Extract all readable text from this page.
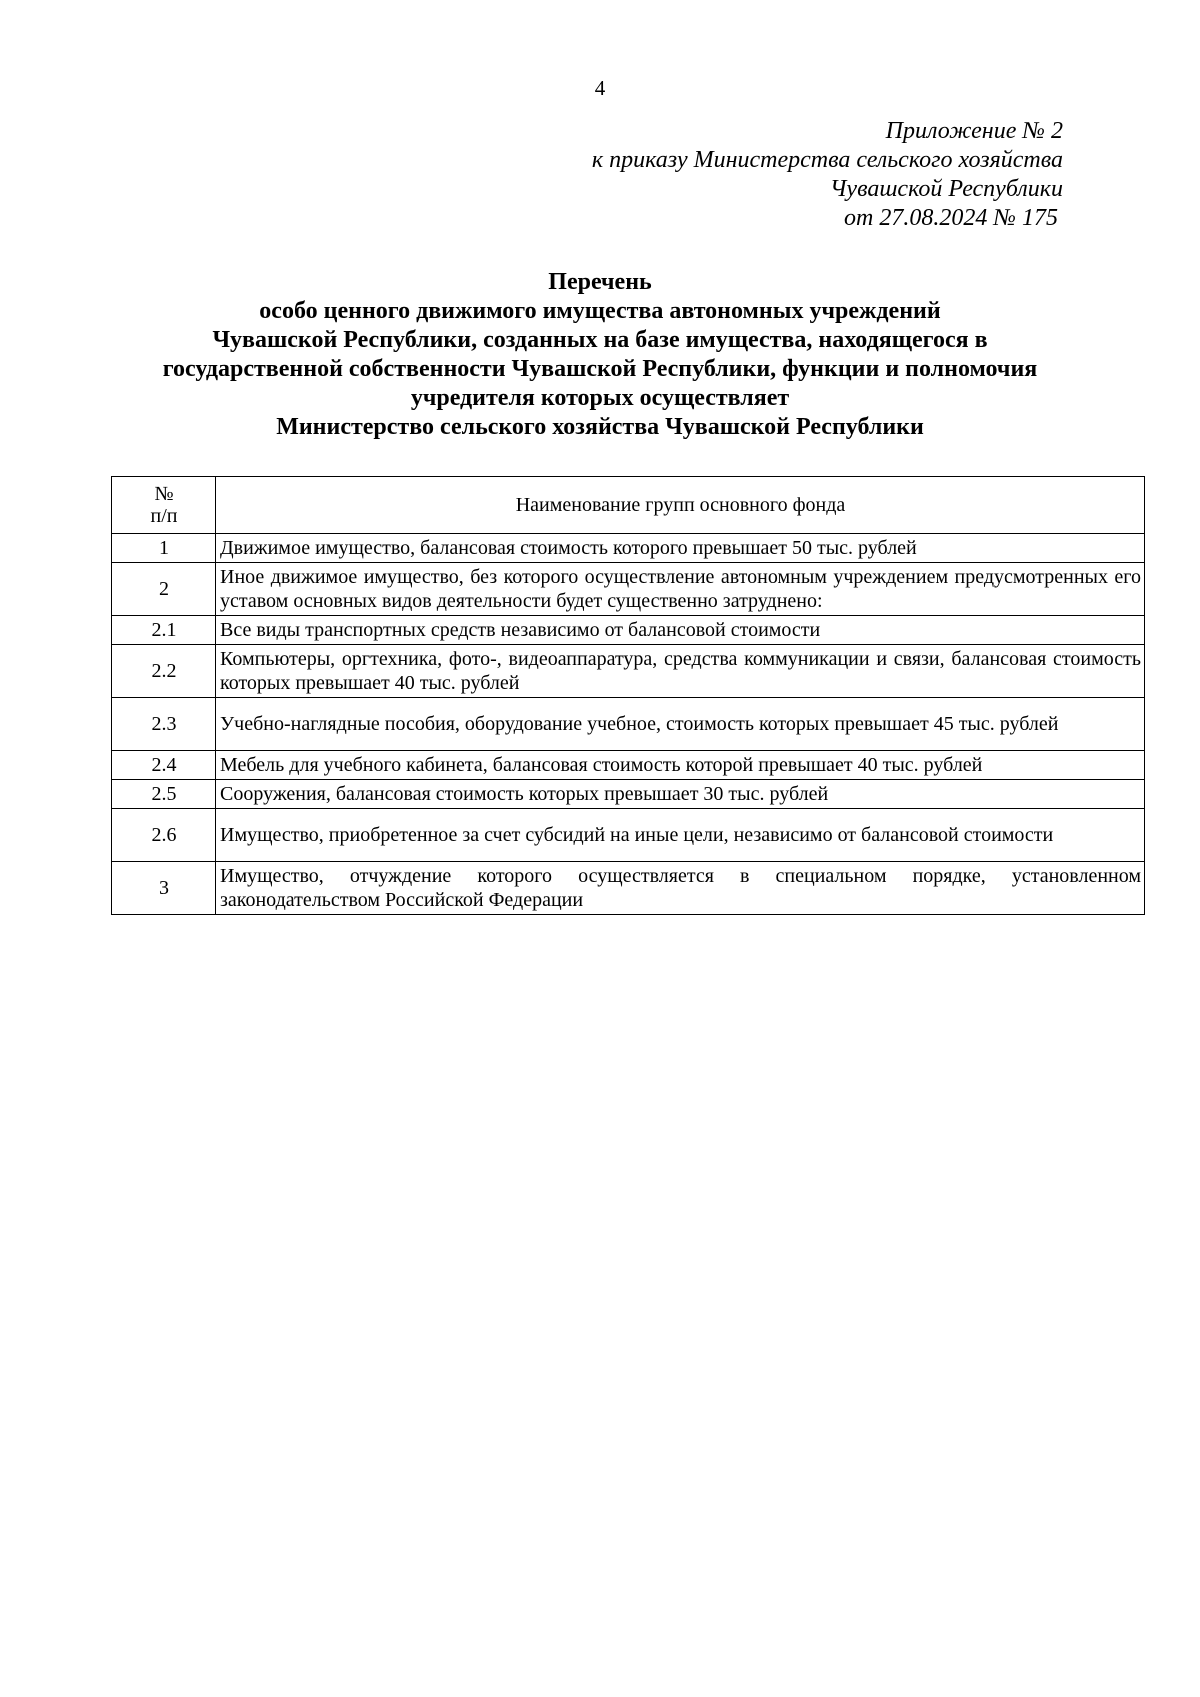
4
Приложение № 2
к приказу Министерства сельского хозяйства
Чувашской Республики
от 27.08.2024 № 175
Перечень
особо ценного движимого имущества автономных учреждений
Чувашской Республики, созданных на базе имущества, находящегося в
государственной собственности Чувашской Республики, функции и полномочия
учредителя которых осуществляет
Министерство сельского хозяйства Чувашской Республики
№
п/п	Наименование групп основного фонда
1	Движимое имущество, балансовая стоимость которого превышает 50 тыс. рублей
2	Иное движимое имущество, без которого осуществление автономным учреждением предусмотренных его уставом основных видов деятельности будет существенно затруднено:
2.1	Все виды транспортных средств независимо от балансовой стоимости
2.2	Компьютеры, оргтехника, фото-, видеоаппаратура, средства коммуникации и связи, балансовая стоимость которых превышает 40 тыс. рублей
2.3	Учебно-наглядные пособия, оборудование учебное, стоимость которых превышает 45 тыс. рублей
2.4	Мебель для учебного кабинета, балансовая стоимость которой превышает 40 тыс. рублей
2.5	Сооружения, балансовая стоимость которых превышает 30 тыс. рублей
2.6	Имущество, приобретенное за счет субсидий на иные цели, независимо от балансовой стоимости
3	Имущество, отчуждение которого осуществляется в специальном порядке, установленном законодательством Российской Федерации
